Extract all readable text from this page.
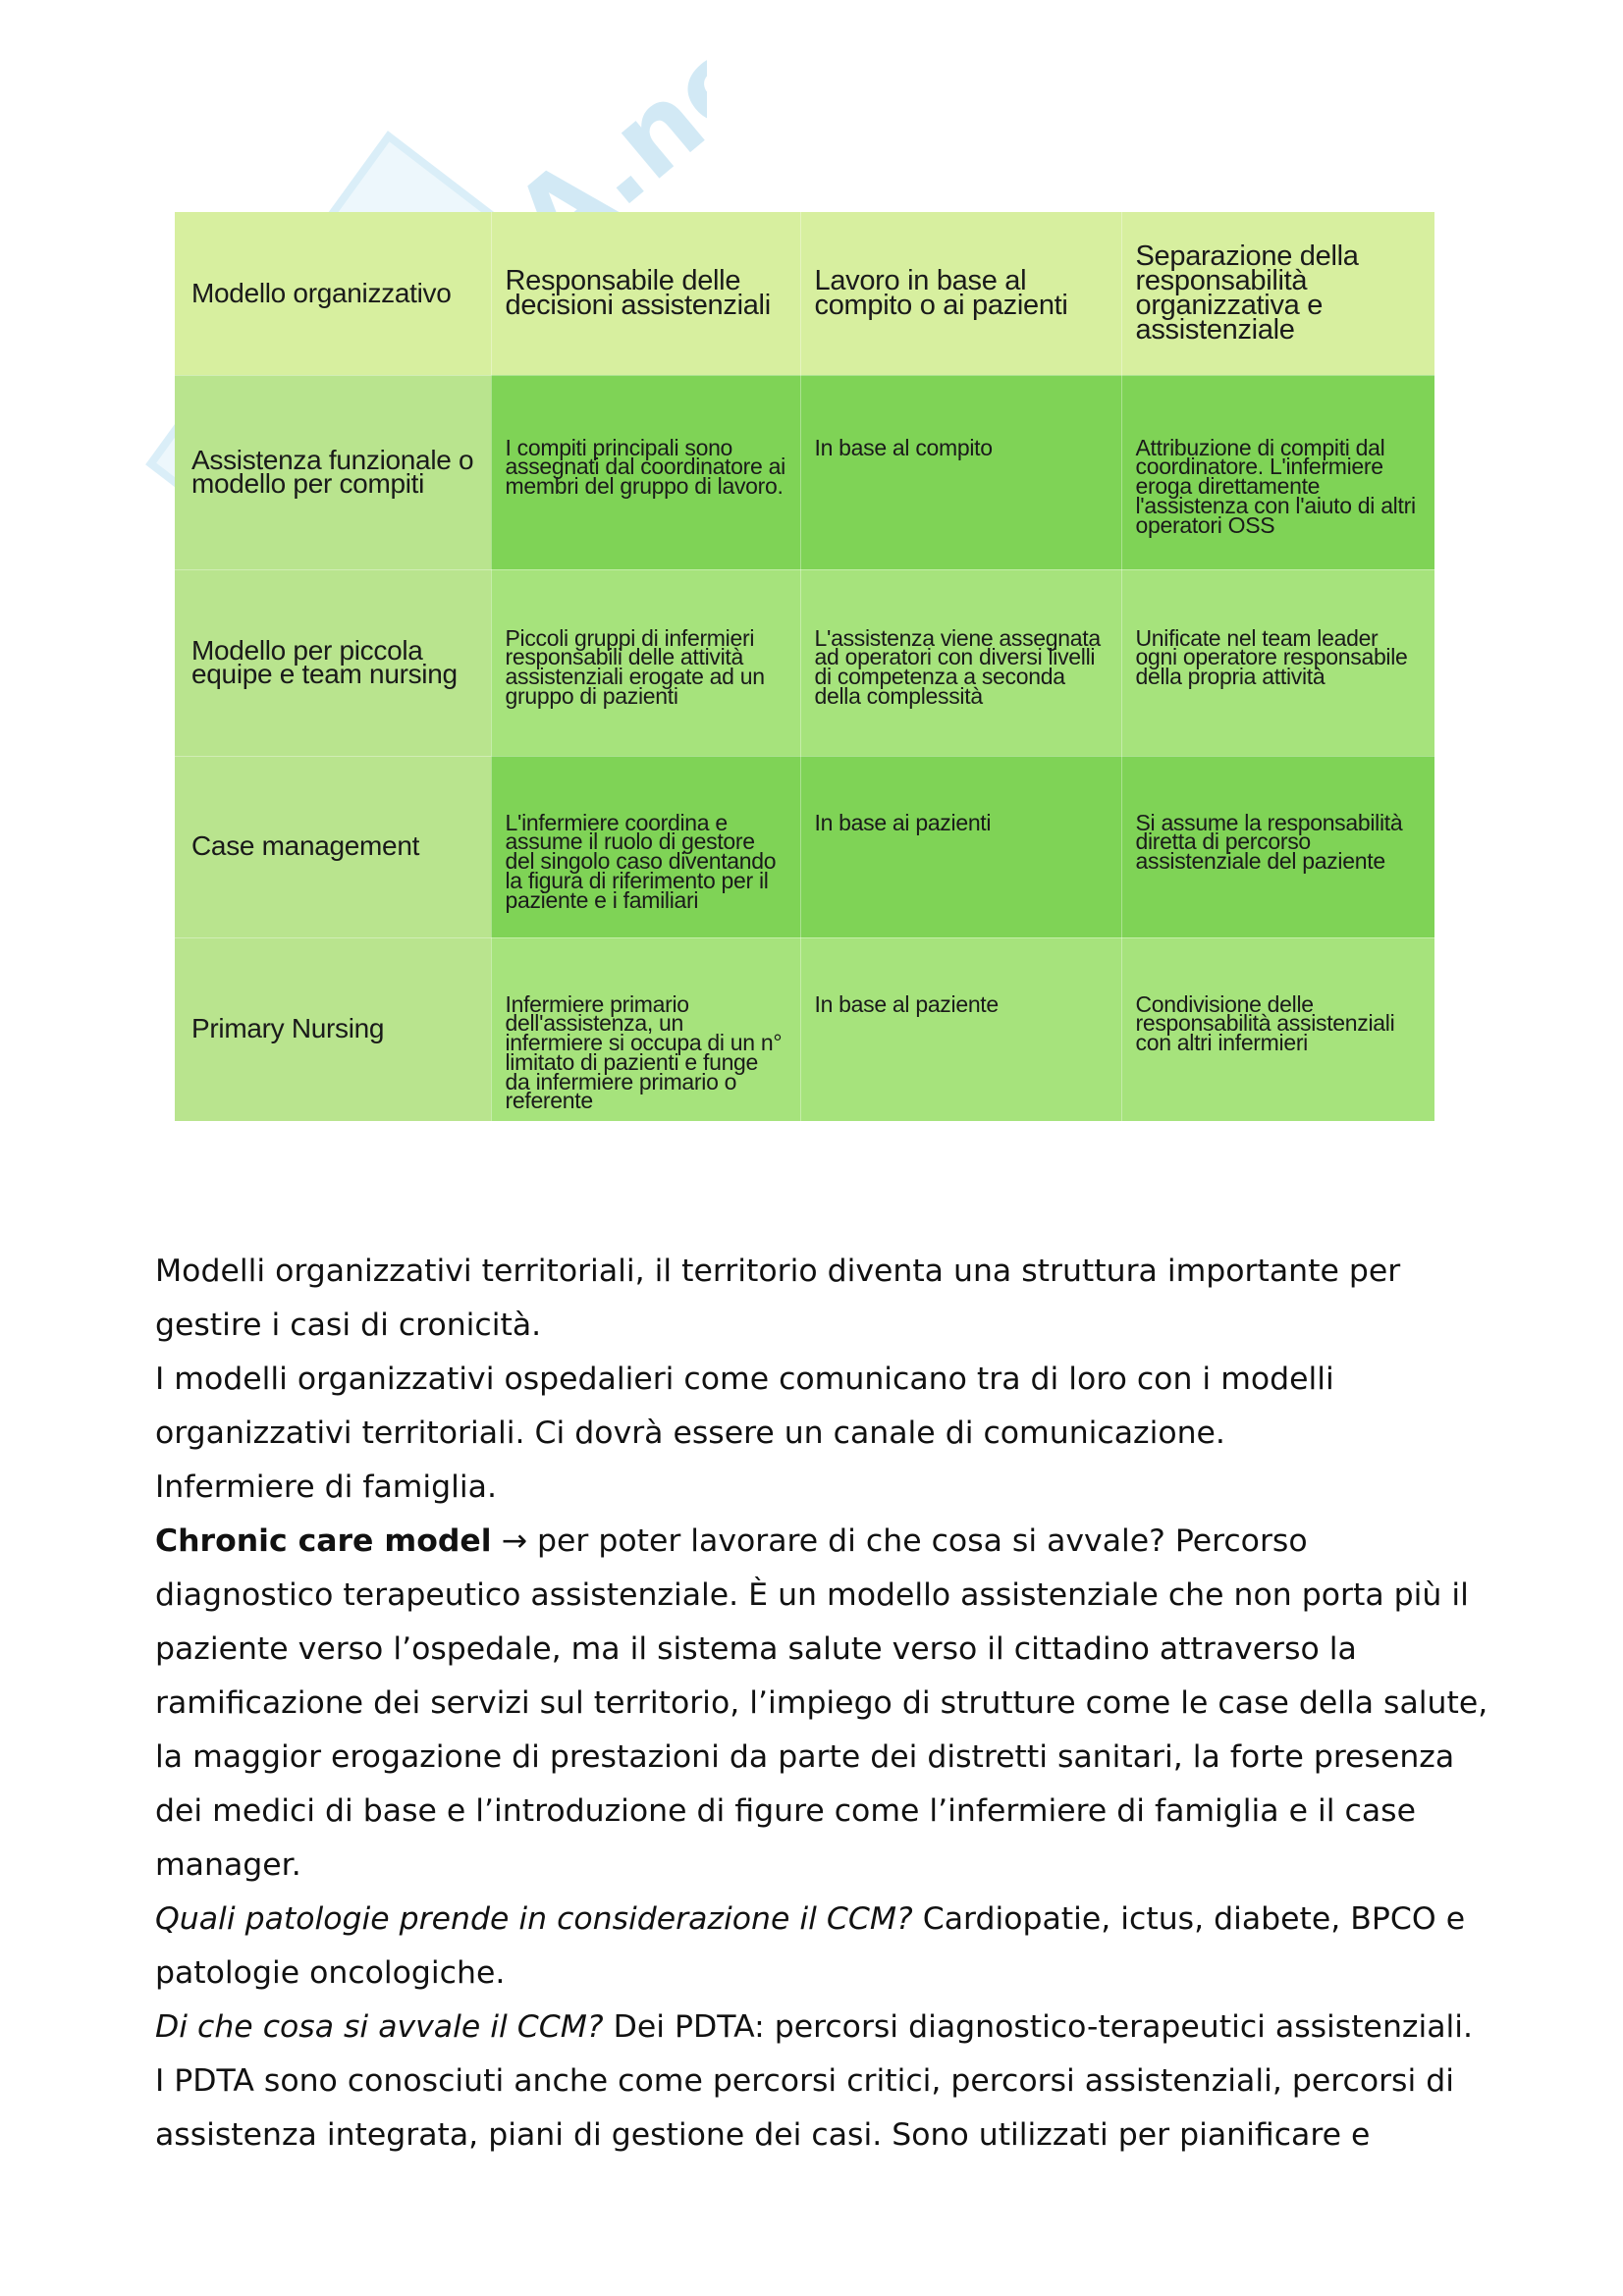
Modello organizzativo	Responsabile delle decisioni assistenziali	Lavoro in base al compito o ai pazienti	Separazione della responsabilità organizzativa e assistenziale
Assistenza funzionale o modello per compiti	I compiti principali sono assegnati dal coordinatore ai membri del gruppo di lavoro.	In base al compito	Attribuzione di compiti dal coordinatore. L'infermiere eroga direttamente l'assistenza con l'aiuto di altri operatori OSS
Modello per piccola equipe e team nursing	Piccoli gruppi di infermieri responsabili delle attività assistenziali erogate ad un gruppo di pazienti	L'assistenza viene assegnata ad operatori con diversi livelli di competenza a seconda della complessità	Unificate nel team leader ogni operatore responsabile della propria attività
Case management	L'infermiere coordina e assume il ruolo di gestore del singolo caso diventando la figura di riferimento per il paziente e i familiari	In base ai pazienti	Si assume la responsabilità diretta di percorso assistenziale del paziente
Primary Nursing	Infermiere primario dell'assistenza, un infermiere si occupa di un n° limitato di pazienti e funge da infermiere primario o referente	In base al paziente	Condivisione delle responsabilità assistenziali con altri infermieri

Modelli organizzativi territoriali, il territorio diventa una struttura importante per gestire i casi di cronicità.

I modelli organizzativi ospedalieri come comunicano tra di loro con i modelli organizzativi territoriali. Ci dovrà essere un canale di comunicazione.

Infermiere di famiglia.

Chronic care model → per poter lavorare di che cosa si avvale? Percorso diagnostico terapeutico assistenziale. È un modello assistenziale che non porta più il paziente verso l’ospedale, ma il sistema salute verso il cittadino attraverso la ramificazione dei servizi sul territorio, l’impiego di strutture come le case della salute, la maggior erogazione di prestazioni da parte dei distretti sanitari, la forte presenza dei medici di base e l’introduzione di figure come l’infermiere di famiglia e il case manager.

Quali patologie prende in considerazione il CCM? Cardiopatie, ictus, diabete, BPCO e patologie oncologiche.

Di che cosa si avvale il CCM? Dei PDTA: percorsi diagnostico-terapeutici assistenziali. I PDTA sono conosciuti anche come percorsi critici, percorsi assistenziali, percorsi di assistenza integrata, piani di gestione dei casi. Sono utilizzati per pianificare e
